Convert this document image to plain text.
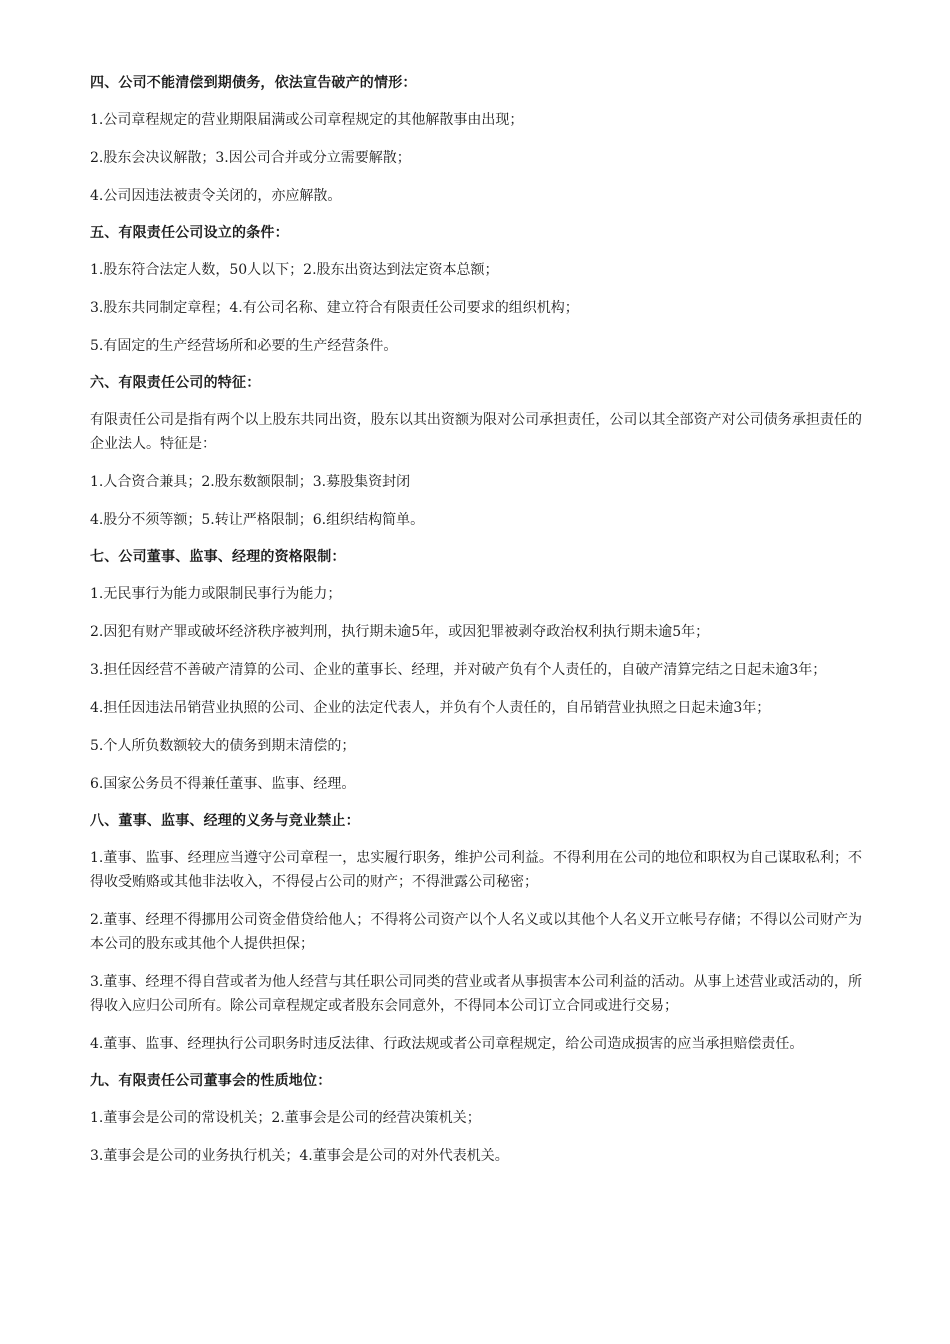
四、公司不能清偿到期债务，依法宣告破产的情形：
1.公司章程规定的营业期限届满或公司章程规定的其他解散事由出现；
2.股东会决议解散；3.因公司合并或分立需要解散；
4.公司因违法被责令关闭的，亦应解散。
五、有限责任公司设立的条件：
1.股东符合法定人数，50人以下；2.股东出资达到法定资本总额；
3.股东共同制定章程；4.有公司名称、建立符合有限责任公司要求的组织机构；
5.有固定的生产经营场所和必要的生产经营条件。
六、有限责任公司的特征：
有限责任公司是指有两个以上股东共同出资，股东以其出资额为限对公司承担责任，公司以其全部资产对公司债务承担责任的企业法人。特征是：
1.人合资合兼具；2.股东数额限制；3.募股集资封闭
4.股分不须等额；5.转让严格限制；6.组织结构简单。
七、公司董事、监事、经理的资格限制：
1.无民事行为能力或限制民事行为能力；
2.因犯有财产罪或破坏经济秩序被判刑，执行期未逾5年，或因犯罪被剥夺政治权利执行期未逾5年；
3.担任因经营不善破产清算的公司、企业的董事长、经理，并对破产负有个人责任的，自破产清算完结之日起未逾3年；
4.担任因违法吊销营业执照的公司、企业的法定代表人，并负有个人责任的，自吊销营业执照之日起未逾3年；
5.个人所负数额较大的债务到期末清偿的；
6.国家公务员不得兼任董事、监事、经理。
八、董事、监事、经理的义务与竞业禁止：
1.董事、监事、经理应当遵守公司章程一，忠实履行职务，维护公司利益。不得利用在公司的地位和职权为自己谋取私利；不得收受贿赂或其他非法收入，不得侵占公司的财产；不得泄露公司秘密；
2.董事、经理不得挪用公司资金借贷给他人；不得将公司资产以个人名义或以其他个人名义开立帐号存储；不得以公司财产为本公司的股东或其他个人提供担保；
3.董事、经理不得自营或者为他人经营与其任职公司同类的营业或者从事损害本公司利益的活动。从事上述营业或活动的，所得收入应归公司所有。除公司章程规定或者股东会同意外，不得同本公司订立合同或进行交易；
4.董事、监事、经理执行公司职务时违反法律、行政法规或者公司章程规定，给公司造成损害的应当承担赔偿责任。
九、有限责任公司董事会的性质地位：
1.董事会是公司的常设机关；2.董事会是公司的经营决策机关；
3.董事会是公司的业务执行机关；4.董事会是公司的对外代表机关。
